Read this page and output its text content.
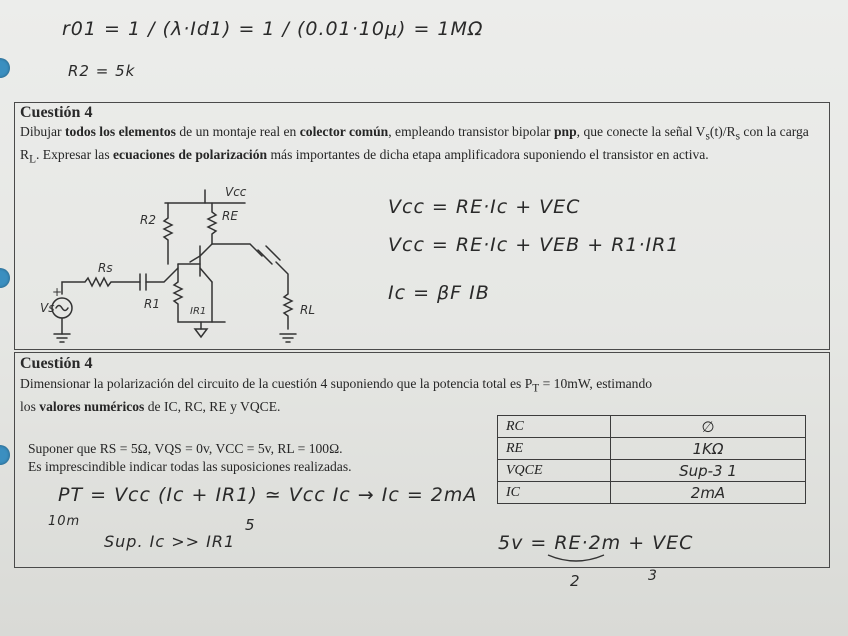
r01 = 1 / (λ·Id1) = 1 / (0.01·10μ) = 1MΩ
R2 = 5k
Cuestión 4
Dibujar todos los elementos de un montaje real en colector común, empleando transistor bipolar pnp, que conecte la señal $V_s(t)/R_s$ con la carga $R_L$. Expresar las ecuaciones de polarización más importantes de dicha etapa amplificadora suponiendo el transistor en activa.
Vcc
R2	RE
Rs
Vs
+
R1
IR1	RL
Vcc = RE·Ic + VEC
Vcc = RE·Ic + VEB + R1·IR1
Ic = βF IB
Cuestión 4
Dimensionar la polarización del circuito de la cuestión 4 suponiendo que la potencia total es $P_T = 10mW$, estimando
los valores numéricos de IC, RC, RE y VQCE.
Suponer que RS = 5Ω, VQS = 0v, VCC = 5v, RL = 100Ω.
Es imprescindible indicar todas las suposiciones realizadas.
PT = Vcc (Ic + IR1) ≃ Vcc Ic → Ic = 2mA
10m	5
Sup. Ic >> IR1
RC	∅
RE	1KΩ
VQCE	Sup-3 1
IC	2mA
5v = RE·2m + VEC
2	3
